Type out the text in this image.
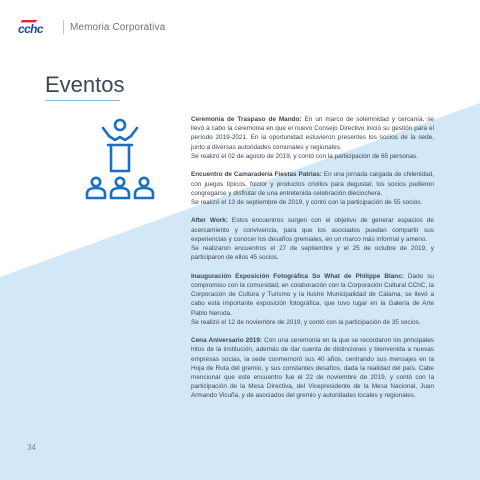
cchc	Memoria Corporativa
Eventos

Ceremonia de Traspaso de Mando: En un marco de solemnidad y cercanía, se llevó a cabo la ceremonia en que el nuevo Consejo Directivo inició su gestión para el período 2019-2021. En la oportunidad estuvieron presentes los socios de la sede, junto a diversas autoridades comunales y regionales.

Se realizó el 02 de agosto de 2019, y contó con la participación de 65 personas.

Encuentro de Camaradería Fiestas Patrias: En una jornada cargada de chilenidad, con juegos típicos, folclor y productos criollos para degustar, los socios pudieron congregarse y disfrutar de una entretenida celebración dieciochera.

Se realizó el 13 de septiembre de 2019, y contó con la participación de 55 socios.

After Work: Estos encuentros surgen con el objetivo de generar espacios de acercamiento y convivencia, para que los asociados puedan compartir sus experiencias y conocer los desafíos gremiales, en un marco más informal y ameno.

Se realizaron encuentros el 27 de septiembre y el 25 de octubre de 2019, y participaron de ellos 45 socios.

Inauguración Exposición Fotográfica So What de Philippe Blanc: Dado su compromiso con la comunidad, en colaboración con la Corporación Cultural CChC, la Corporación de Cultura y Turismo y la Ilustre Municipalidad de Calama, se llevó a cabo esta importante exposición fotográfica, que tuvo lugar en la Galería de Arte Pablo Neruda.

Se realizó el 12 de noviembre de 2019, y contó con la participación de 35 socios.

Cena Aniversario 2019: Con una ceremonia en la que se recordaron los principales hitos de la institución, además de dar cuenta de distinciones y bienvenida a nuevas empresas socias, la sede conmemoró sus 40 años, centrando sus mensajes en la Hoja de Ruta del gremio, y sus constantes desafíos, dada la realidad del país. Cabe mencionar que este encuentro fue el 22 de noviembre de 2019, y contó con la participación de la Mesa Directiva, del Vicepresidente de la Mesa Nacional, Juan Armando Vicuña, y de asociados del gremio y autoridades locales y regionales.

34
